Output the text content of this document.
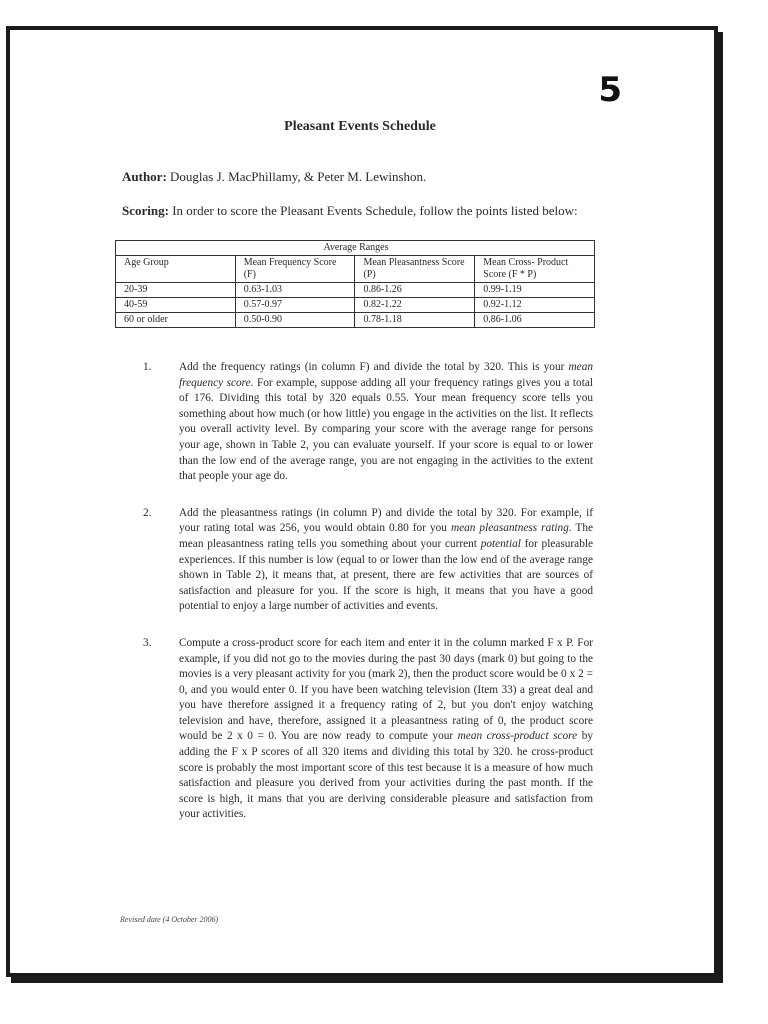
5
Pleasant Events Schedule
Author: Douglas J. MacPhillamy, & Peter M. Lewinshon.
Scoring: In order to score the Pleasant Events Schedule, follow the points listed below:
Average Ranges			
Age Group	Mean Frequency Score (F)	Mean Pleasantness Score (P)	Mean Cross- Product Score (F * P)
20-39	0.63-1.03	0.86-1.26	0.99-1.19
40-59	0.57-0.97	0.82-1.22	0.92-1.12
60 or older	0.50-0.90	0.78-1.18	0.86-1.06
1. Add the frequency ratings (in column F) and divide the total by 320. This is your mean frequency score. For example, suppose adding all your frequency ratings gives you a total of 176. Dividing this total by 320 equals 0.55. Your mean frequency score tells you something about how much (or how little) you engage in the activities on the list. It reflects you overall activity level. By comparing your score with the average range for persons your age, shown in Table 2, you can evaluate yourself. If your score is equal to or lower than the low end of the average range, you are not engaging in the activities to the extent that people your age do.
2. Add the pleasantness ratings (in column P) and divide the total by 320. For example, if your rating total was 256, you would obtain 0.80 for you mean pleasantness rating. The mean pleasantness rating tells you something about your current potential for pleasurable experiences. If this number is low (equal to or lower than the low end of the average range shown in Table 2), it means that, at present, there are few activities that are sources of satisfaction and pleasure for you. If the score is high, it means that you have a good potential to enjoy a large number of activities and events.
3. Compute a cross-product score for each item and enter it in the column marked F x P. For example, if you did not go to the movies during the past 30 days (mark 0) but going to the movies is a very pleasant activity for you (mark 2), then the product score would be 0 x 2 = 0, and you would enter 0. If you have been watching television (Item 33) a great deal and you have therefore assigned it a frequency rating of 2, but you don't enjoy watching television and have, therefore, assigned it a pleasantness rating of 0, the product score would be 2 x 0 = 0. You are now ready to compute your mean cross-product score by adding the F x P scores of all 320 items and dividing this total by 320. he cross-product score is probably the most important score of this test because it is a measure of how much satisfaction and pleasure you derived from your activities during the past month. If the score is high, it mans that you are deriving considerable pleasure and satisfaction from your activities.
Revised date (4 October 2006)
